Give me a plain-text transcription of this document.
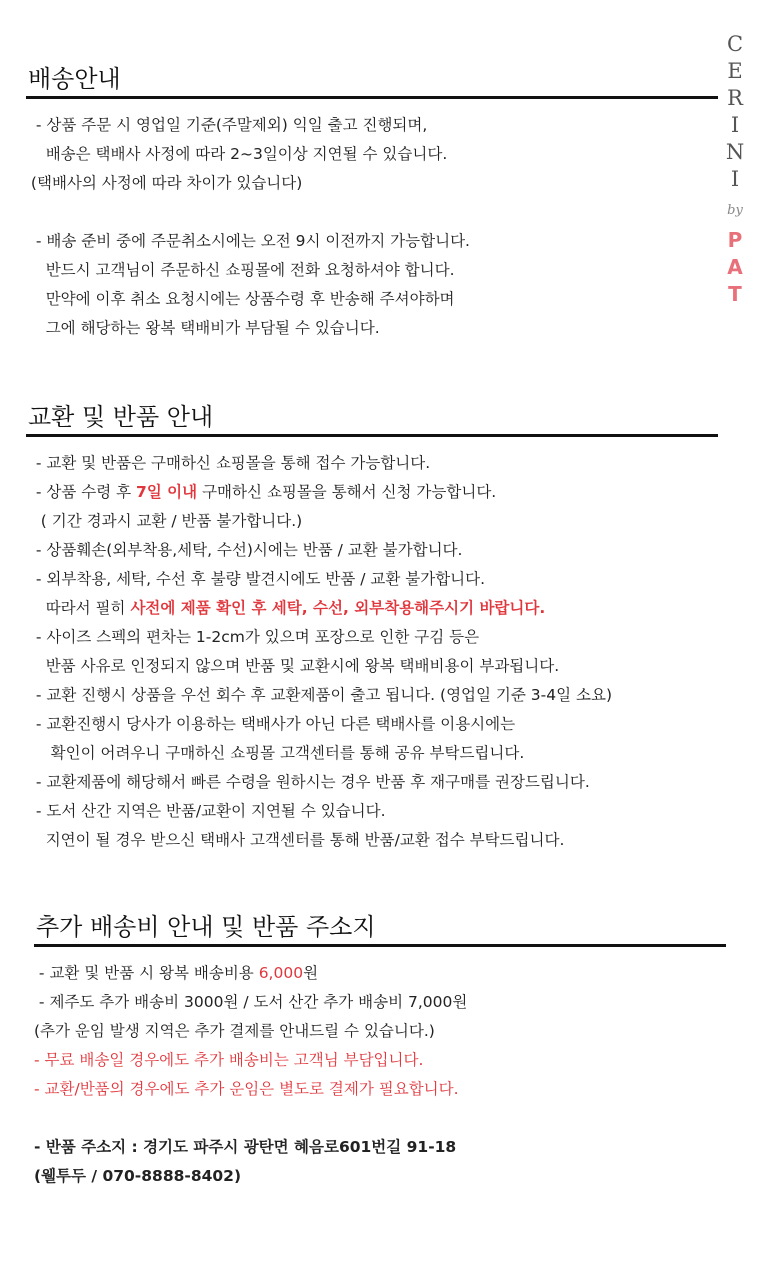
C
E
R
I
N
I
by
P
A
T
배송안내
- 상품 주문 시 영업일 기준(주말제외) 익일 출고 진행되며,
배송은 택배사 사정에 따라 2~3일이상 지연될 수 있습니다.
(택배사의 사정에 따라 차이가 있습니다)
- 배송 준비 중에 주문취소시에는 오전 9시 이전까지 가능합니다.
반드시 고객님이 주문하신 쇼핑몰에 전화 요청하셔야 합니다.
만약에 이후 취소 요청시에는 상품수령 후 반송해 주셔야하며
그에 해당하는 왕복 택배비가 부담될 수 있습니다.
교환 및 반품 안내
- 교환 및 반품은 구매하신 쇼핑몰을 통해 접수 가능합니다.
- 상품 수령 후 7일 이내 구매하신 쇼핑몰을 통해서 신청 가능합니다.
( 기간 경과시 교환 / 반품 불가합니다.)
- 상품훼손(외부착용,세탁, 수선)시에는 반품 / 교환 불가합니다.
- 외부착용, 세탁, 수선 후 불량 발견시에도 반품 / 교환 불가합니다.
따라서 필히 사전에 제품 확인 후 세탁, 수선, 외부착용해주시기 바랍니다.
- 사이즈 스펙의 편차는 1-2cm가 있으며 포장으로 인한 구김 등은
반품 사유로 인정되지 않으며 반품 및 교환시에 왕복 택배비용이 부과됩니다.
- 교환 진행시 상품을 우선 회수 후 교환제품이 출고 됩니다. (영업일 기준 3-4일 소요)
- 교환진행시 당사가 이용하는 택배사가 아닌 다른 택배사를 이용시에는
확인이 어려우니 구매하신 쇼핑몰 고객센터를 통해 공유 부탁드립니다.
- 교환제품에 해당해서 빠른 수령을 원하시는 경우 반품 후 재구매를 권장드립니다.
- 도서 산간 지역은 반품/교환이 지연될 수 있습니다.
지연이 될 경우 받으신 택배사 고객센터를 통해 반품/교환 접수 부탁드립니다.
추가 배송비 안내 및 반품 주소지
- 교환 및 반품 시 왕복 배송비용 6,000원
- 제주도 추가 배송비 3000원 / 도서 산간 추가 배송비 7,000원
(추가 운임 발생 지역은 추가 결제를 안내드릴 수 있습니다.)
- 무료 배송일 경우에도 추가 배송비는 고객님 부담입니다.
- 교환/반품의 경우에도 추가 운임은 별도로 결제가 필요합니다.
- 반품 주소지 : 경기도 파주시 광탄면 혜음로601번길 91-18
(웰투두 / 070-8888-8402)
